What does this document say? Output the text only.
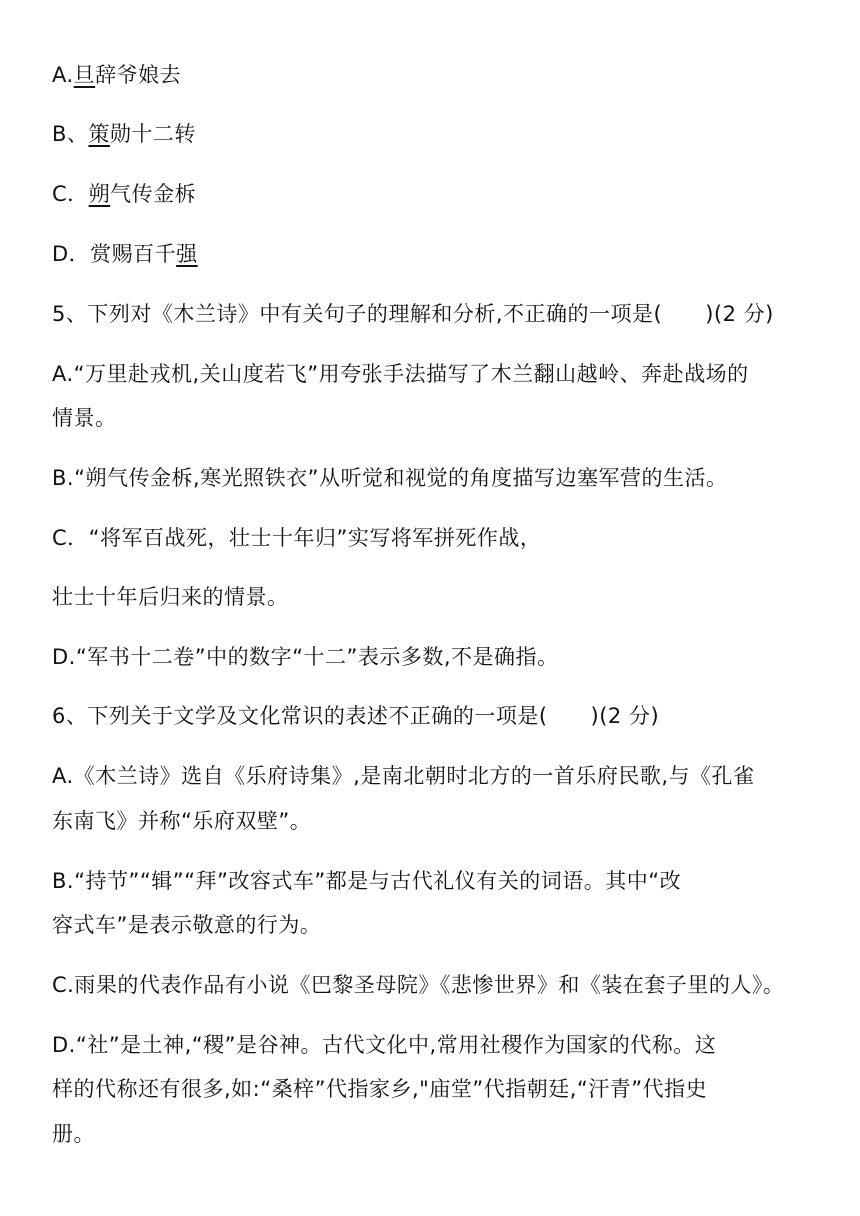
A.旦辞爷娘去
B、策勋十二转
C．朔气传金柝
D．赏赐百千强
5、下列对《木兰诗》中有关句子的理解和分析,不正确的一项是(　　)(2 分)
A.“万里赴戎机,关山度若飞”用夸张手法描写了木兰翻山越岭、奔赴战场的
情景。
B.“朔气传金柝,寒光照铁衣”从听觉和视觉的角度描写边塞军营的生活。
C．“将军百战死，壮士十年归”实写将军拼死作战，
壮士十年后归来的情景。
D.“军书十二卷”中的数字“十二”表示多数,不是确指。
6、下列关于文学及文化常识的表述不正确的一项是(　　)(2 分)
A.《木兰诗》选自《乐府诗集》,是南北朝时北方的一首乐府民歌,与《孔雀
东南飞》并称“乐府双壁”。
B.“持节”“辑”“拜”改容式车”都是与古代礼仪有关的词语。其中“改
容式车”是表示敬意的行为。
C.雨果的代表作品有小说《巴黎圣母院》《悲惨世界》和《装在套子里的人》。
D.“社”是土神,“稷”是谷神。古代文化中,常用社稷作为国家的代称。这
样的代称还有很多,如:“桑梓”代指家乡,"庙堂”代指朝廷,“汗青”代指史
册。
